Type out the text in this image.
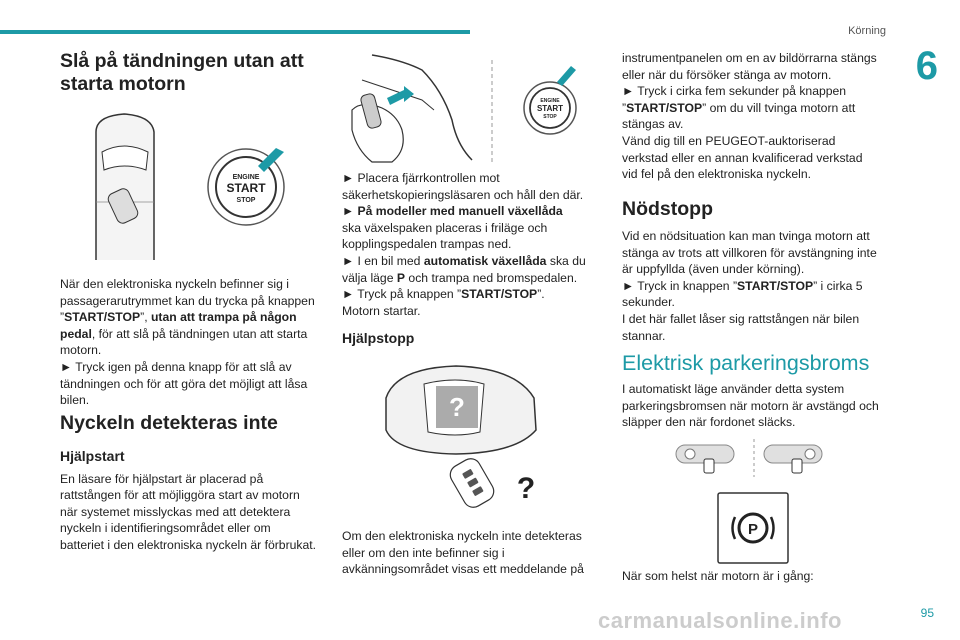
Körning
6
95
carmanualsonline.info
Slå på tändningen utan att starta motorn
ENGINE
START
STOP

När den elektroniska nyckeln befinner sig i passagerarutrymmet kan du trycka på knappen ”START/STOP”, utan att trampa på någon pedal, för att slå på tändningen utan att starta motorn.

► Tryck igen på denna knapp för att slå av tändningen och för att göra det möjligt att låsa bilen.

Nyckeln detekteras inte
Hjälpstart

En läsare för hjälpstart är placerad på rattstången för att möjliggöra start av motorn när systemet misslyckas med att detektera nyckeln i identifieringsområdet eller om batteriet i den elektroniska nyckeln är förbrukat.

ENGINE
START
STOP

► Placera fjärrkontrollen mot säkerhetskopieringsläsaren och håll den där.

► På modeller med manuell växellåda

ska växelspaken placeras i friläge och kopplingspedalen trampas ned.

► I en bil med automatisk växellåda ska du välja läge P och trampa ned bromspedalen.

► Tryck på knappen ”START/STOP”.

Motorn startar.

Hjälpstopp
?
?

Om den elektroniska nyckeln inte detekteras eller om den inte befinner sig i avkänningsområdet visas ett meddelande på

instrumentpanelen om en av bildörrarna stängs eller när du försöker stänga av motorn.

► Tryck i cirka fem sekunder på knappen ”START/STOP” om du vill tvinga motorn att stängas av.

Vänd dig till en PEUGEOT-auktoriserad verkstad eller en annan kvalificerad verkstad vid fel på den elektroniska nyckeln.

Nödstopp

Vid en nödsituation kan man tvinga motorn att stänga av trots att villkoren för avstängning inte är uppfyllda (även under körning).

► Tryck in knappen ”START/STOP” i cirka 5 sekunder.

I det här fallet låser sig rattstången när bilen stannar.

Elektrisk parkeringsbroms

I automatiskt läge använder detta system parkeringsbromsen när motorn är avstängd och släpper den när fordonet släcks.

P

När som helst när motorn är i gång:
